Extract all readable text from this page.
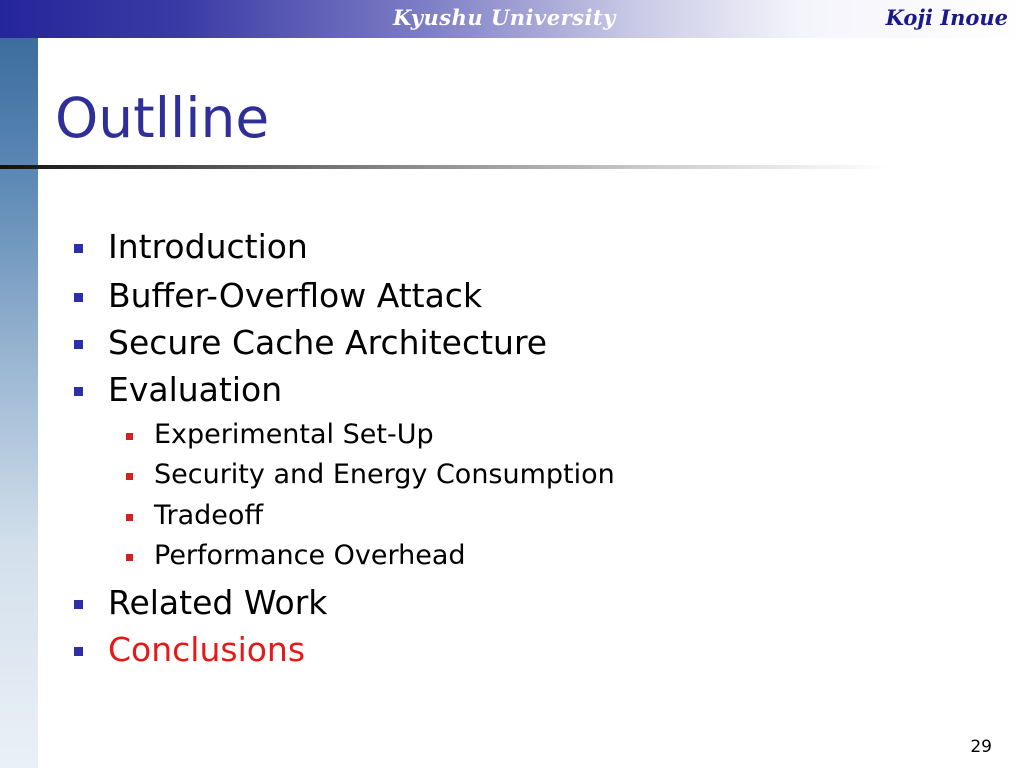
Kyushu University	Koji Inoue
Outlline
Introduction
Buffer-Overflow Attack
Secure Cache Architecture
Evaluation
Experimental Set-Up
Security and Energy Consumption
Tradeoff
Performance Overhead
Related Work
Conclusions
29
